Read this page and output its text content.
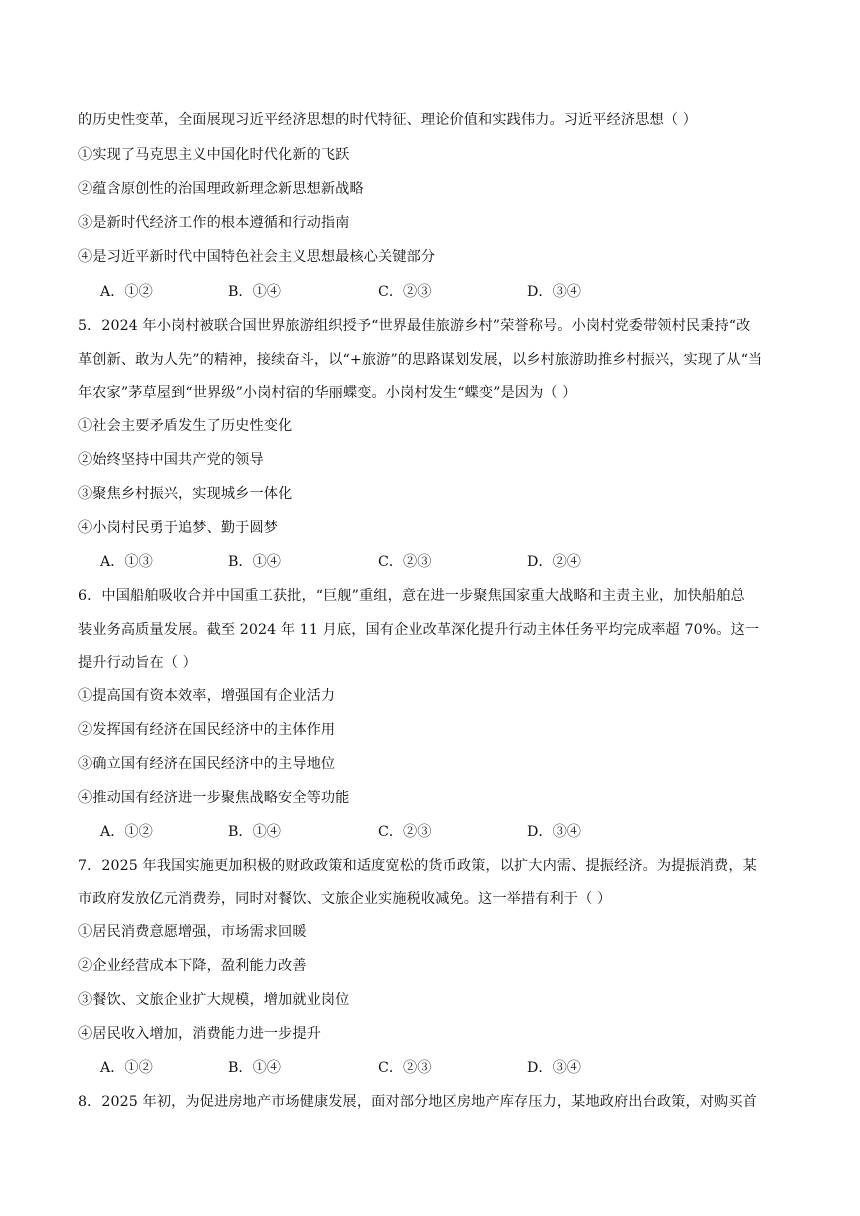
的历史性变革，全面展现习近平经济思想的时代特征、理论价值和实践伟力。习近平经济思想（ ）
①实现了马克思主义中国化时代化新的飞跃
②蕴含原创性的治国理政新理念新思想新战略
③是新时代经济工作的根本遵循和行动指南
④是习近平新时代中国特色社会主义思想最核心关键部分
A．①②	B．①④	C．②③	D．③④
5．2024 年小岗村被联合国世界旅游组织授予“世界最佳旅游乡村”荣誉称号。小岗村党委带领村民秉持“改
革创新、敢为人先”的精神，接续奋斗，以“+旅游”的思路谋划发展，以乡村旅游助推乡村振兴，实现了从“当
年农家”茅草屋到“世界级”小岗村宿的华丽蝶变。小岗村发生“蝶变”是因为（ ）
①社会主要矛盾发生了历史性变化
②始终坚持中国共产党的领导
③聚焦乡村振兴，实现城乡一体化
④小岗村民勇于追梦、勤于圆梦
A．①③	B．①④	C．②③	D．②④
6．中国船舶吸收合并中国重工获批，“巨舰”重组，意在进一步聚焦国家重大战略和主责主业，加快船舶总
装业务高质量发展。截至 2024 年 11 月底，国有企业改革深化提升行动主体任务平均完成率超 70%。这一
提升行动旨在（ ）
①提高国有资本效率，增强国有企业活力
②发挥国有经济在国民经济中的主体作用
③确立国有经济在国民经济中的主导地位
④推动国有经济进一步聚焦战略安全等功能
A．①②	B．①④	C．②③	D．③④
7．2025 年我国实施更加积极的财政政策和适度宽松的货币政策，以扩大内需、提振经济。为提振消费，某
市政府发放亿元消费券，同时对餐饮、文旅企业实施税收减免。这一举措有利于（ ）
①居民消费意愿增强，市场需求回暖
②企业经营成本下降，盈利能力改善
③餐饮、文旅企业扩大规模，增加就业岗位
④居民收入增加，消费能力进一步提升
A．①②	B．①④	C．②③	D．③④
8．2025 年初，为促进房地产市场健康发展，面对部分地区房地产库存压力，某地政府出台政策，对购买首
